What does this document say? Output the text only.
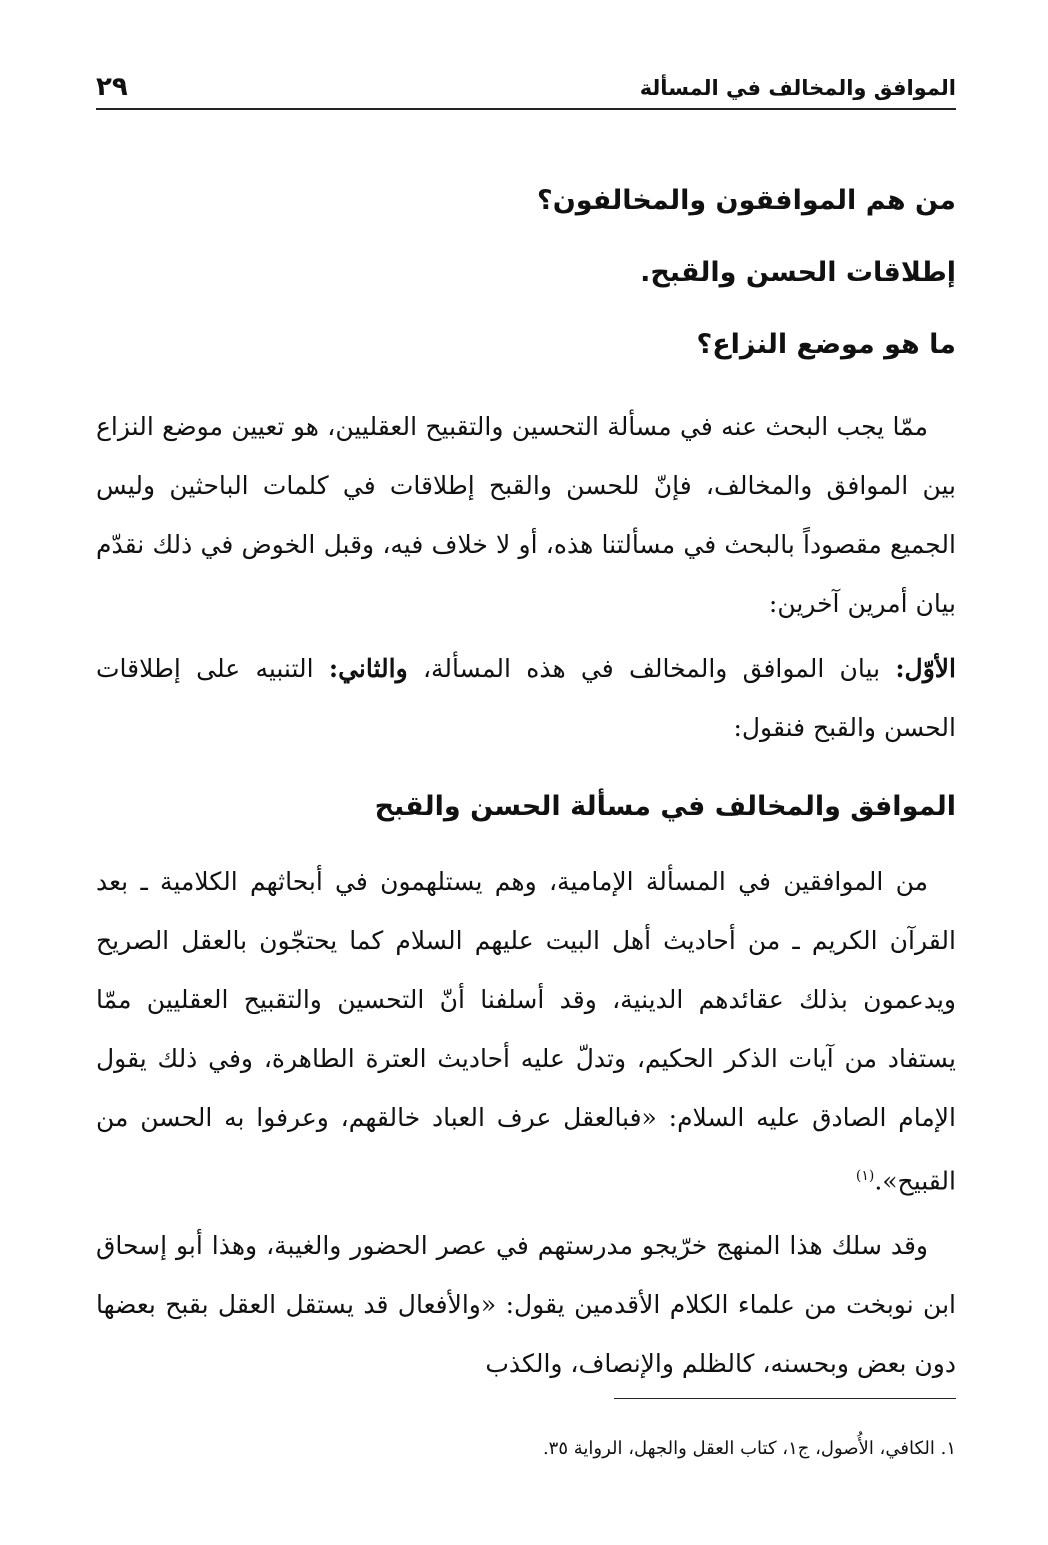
الموافق والمخالف في المسألة
٢٩

من هم الموافقون والمخالفون؟

إطلاقات الحسن والقبح.

ما هو موضع النزاع؟

ممّا يجب البحث عنه في مسألة التحسين والتقبيح العقليين، هو تعيين موضع النزاع بين الموافق والمخالف، فإنّ للحسن والقبح إطلاقات في كلمات الباحثين وليس الجميع مقصوداً بالبحث في مسألتنا هذه، أو لا خلاف فيه، وقبل الخوض في ذلك نقدّم بيان أمرين آخرين:

الأوّل: بيان الموافق والمخالف في هذه المسألة، والثاني: التنبيه على إطلاقات الحسن والقبح فنقول:

الموافق والمخالف في مسألة الحسن والقبح

من الموافقين في المسألة الإمامية، وهم يستلهمون في أبحاثهم الكلامية ـ بعد القرآن الكريم ـ من أحاديث أهل البيت عليهم السلام كما يحتجّون بالعقل الصريح ويدعمون بذلك عقائدهم الدينية، وقد أسلفنا أنّ التحسين والتقبيح العقليين ممّا يستفاد من آيات الذكر الحكيم، وتدلّ عليه أحاديث العترة الطاهرة، وفي ذلك يقول الإمام الصادق عليه السلام: «فبالعقل عرف العباد خالقهم، وعرفوا به الحسن من القبيح».$^{(١)}$

وقد سلك هذا المنهج خرّيجو مدرستهم في عصر الحضور والغيبة، وهذا أبو إسحاق ابن نوبخت من علماء الكلام الأقدمين يقول: «والأفعال قد يستقل العقل بقبح بعضها دون بعض وبحسنه، كالظلم والإنصاف، والكذب

١. الكافي، الأُصول، ج١، كتاب العقل والجهل، الرواية ٣٥.
